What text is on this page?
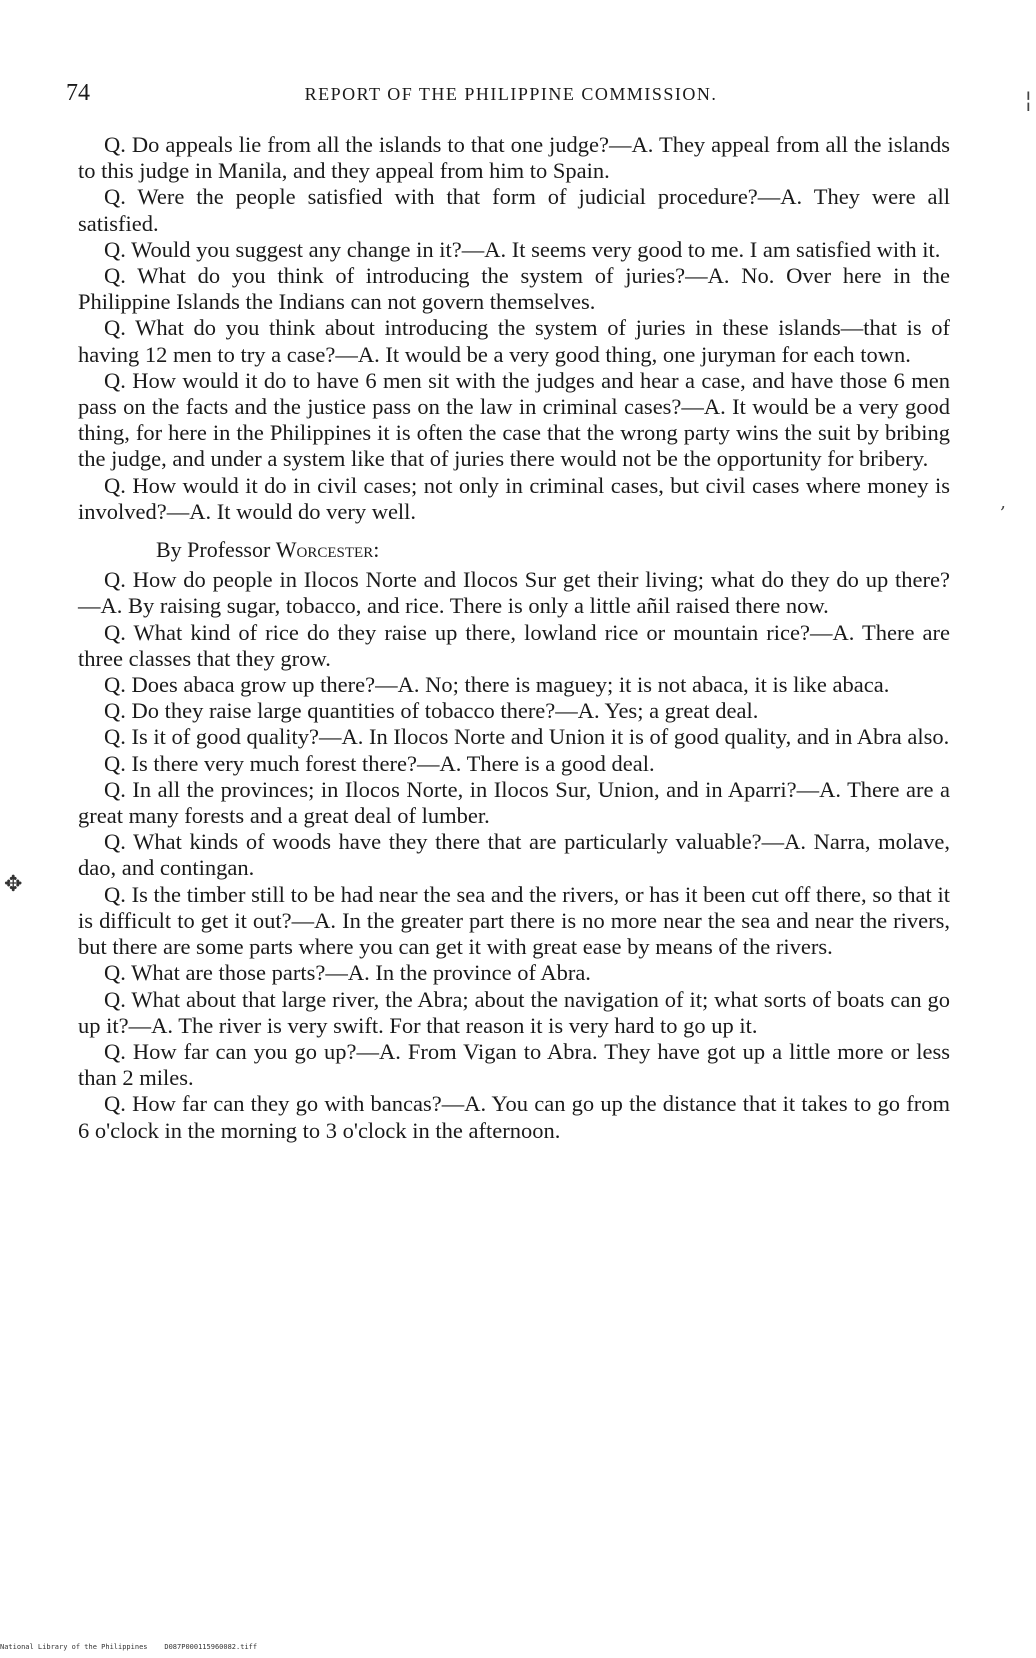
74	REPORT OF THE PHILIPPINE COMMISSION.	¦
,
✥

Q. Do appeals lie from all the islands to that one judge?—A. They appeal from all the islands to this judge in Manila, and they appeal from him to Spain.

Q. Were the people satisfied with that form of judicial procedure?—A. They were all satisfied.

Q. Would you suggest any change in it?—A. It seems very good to me. I am satisfied with it.

Q. What do you think of introducing the system of juries?—A. No. Over here in the Philippine Islands the Indians can not govern themselves.

Q. What do you think about introducing the system of juries in these islands—that is of having 12 men to try a case?—A. It would be a very good thing, one juryman for each town.

Q. How would it do to have 6 men sit with the judges and hear a case, and have those 6 men pass on the facts and the justice pass on the law in criminal cases?—A. It would be a very good thing, for here in the Philippines it is often the case that the wrong party wins the suit by bribing the judge, and under a system like that of juries there would not be the opportunity for bribery.

Q. How would it do in civil cases; not only in criminal cases, but civil cases where money is involved?—A. It would do very well.

By Professor Worcester:

Q. How do people in Ilocos Norte and Ilocos Sur get their living; what do they do up there?—A. By raising sugar, tobacco, and rice. There is only a little añil raised there now.

Q. What kind of rice do they raise up there, lowland rice or mountain rice?—A. There are three classes that they grow.

Q. Does abaca grow up there?—A. No; there is maguey; it is not abaca, it is like abaca.

Q. Do they raise large quantities of tobacco there?—A. Yes; a great deal.

Q. Is it of good quality?—A. In Ilocos Norte and Union it is of good quality, and in Abra also.

Q. Is there very much forest there?—A. There is a good deal.

Q. In all the provinces; in Ilocos Norte, in Ilocos Sur, Union, and in Aparri?—A. There are a great many forests and a great deal of lumber.

Q. What kinds of woods have they there that are particularly valuable?—A. Narra, molave, dao, and contingan.

Q. Is the timber still to be had near the sea and the rivers, or has it been cut off there, so that it is difficult to get it out?—A. In the greater part there is no more near the sea and near the rivers, but there are some parts where you can get it with great ease by means of the rivers.

Q. What are those parts?—A. In the province of Abra.

Q. What about that large river, the Abra; about the navigation of it; what sorts of boats can go up it?—A. The river is very swift. For that reason it is very hard to go up it.

Q. How far can you go up?—A. From Vigan to Abra. They have got up a little more or less than 2 miles.

Q. How far can they go with bancas?—A. You can go up the distance that it takes to go from 6 o'clock in the morning to 3 o'clock in the afternoon.

National Library of the Philippines D087P000115960082.tiff
